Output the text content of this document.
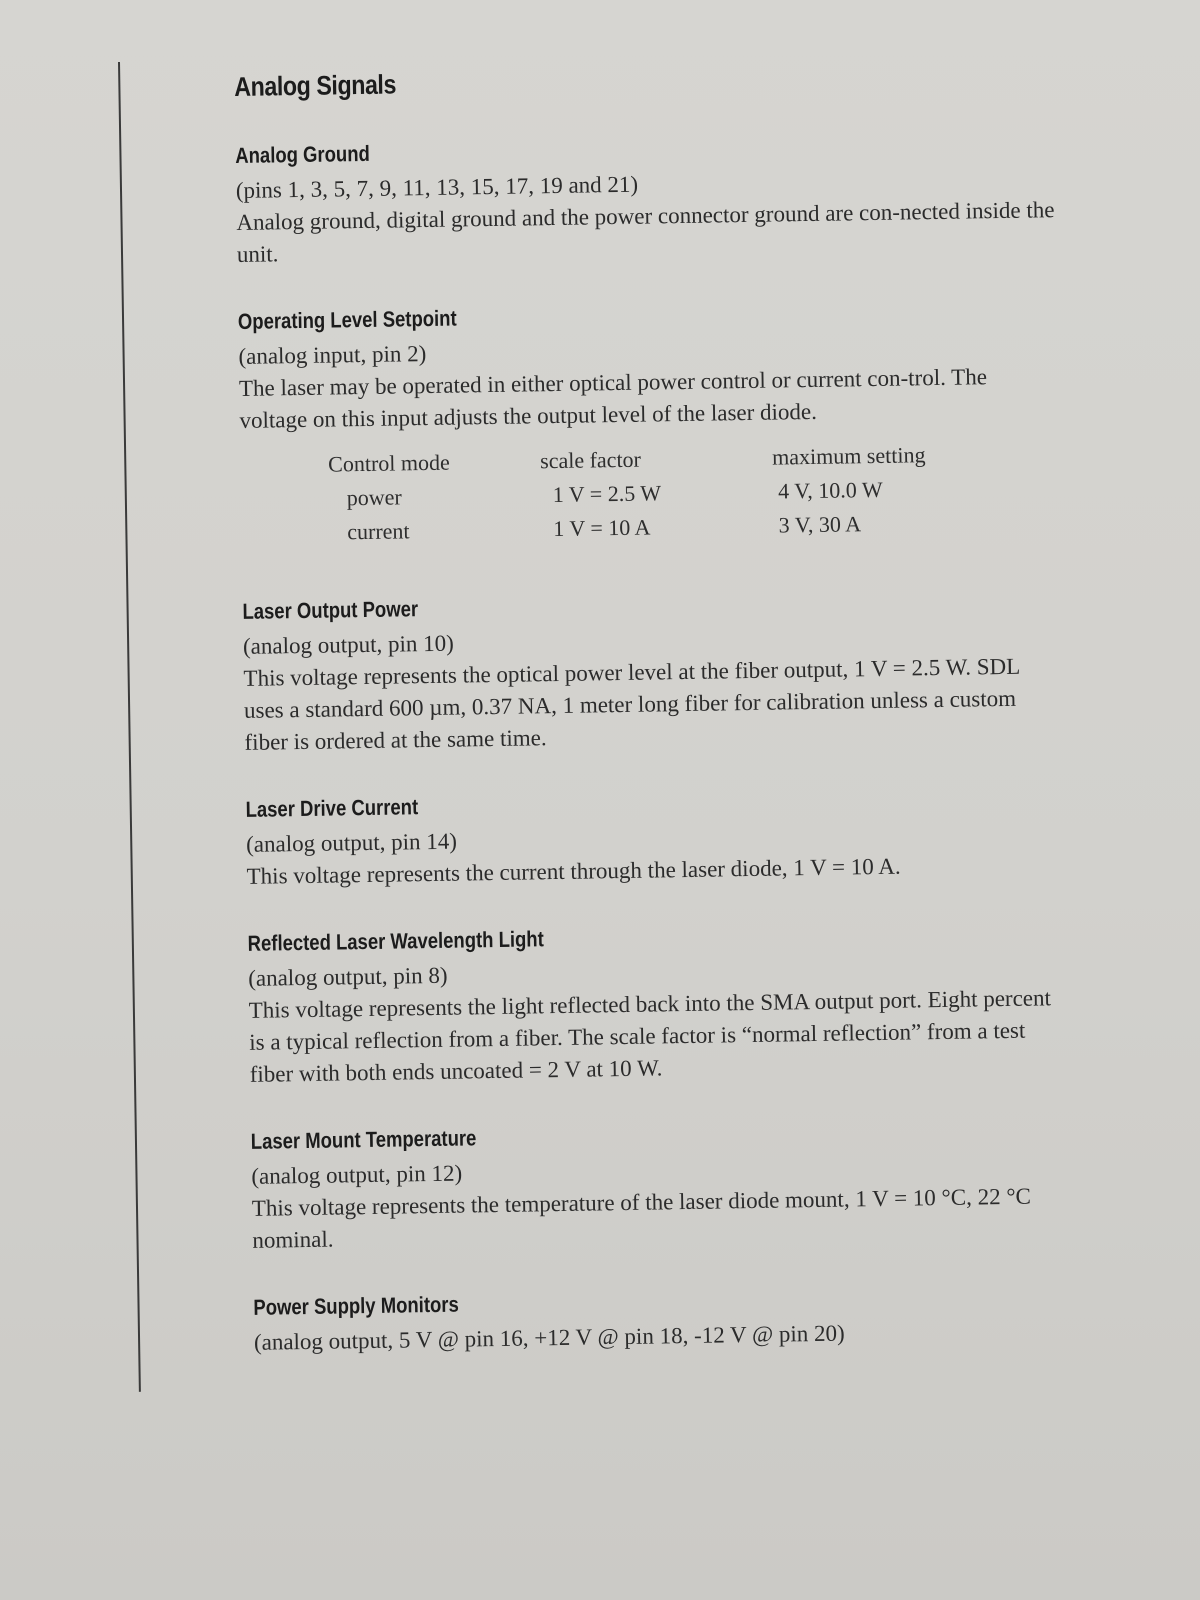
Analog Signals
Analog Ground
(pins 1, 3, 5, 7, 9, 11, 13, 15, 17, 19 and 21)
Analog ground, digital ground and the power connector ground are con-nected inside the unit.
Operating Level Setpoint
(analog input, pin 2)
The laser may be operated in either optical power control or current con-trol. The voltage on this input adjusts the output level of the laser diode.
Control mode	scale factor	maximum setting
power	1 V = 2.5 W	4 V, 10.0 W
current	1 V = 10 A	3 V, 30 A
Laser Output Power
(analog output, pin 10)
This voltage represents the optical power level at the fiber output, 1 V = 2.5 W. SDL uses a standard 600 µm, 0.37 NA, 1 meter long fiber for calibration unless a custom fiber is ordered at the same time.
Laser Drive Current
(analog output, pin 14)
This voltage represents the current through the laser diode, 1 V = 10 A.
Reflected Laser Wavelength Light
(analog output, pin 8)
This voltage represents the light reflected back into the SMA output port. Eight percent is a typical reflection from a fiber. The scale factor is “normal reflection” from a test fiber with both ends uncoated = 2 V at 10 W.
Laser Mount Temperature
(analog output, pin 12)
This voltage represents the temperature of the laser diode mount, 1 V = 10 °C, 22 °C nominal.
Power Supply Monitors
(analog output, 5 V @ pin 16, +12 V @ pin 18, -12 V @ pin 20)
